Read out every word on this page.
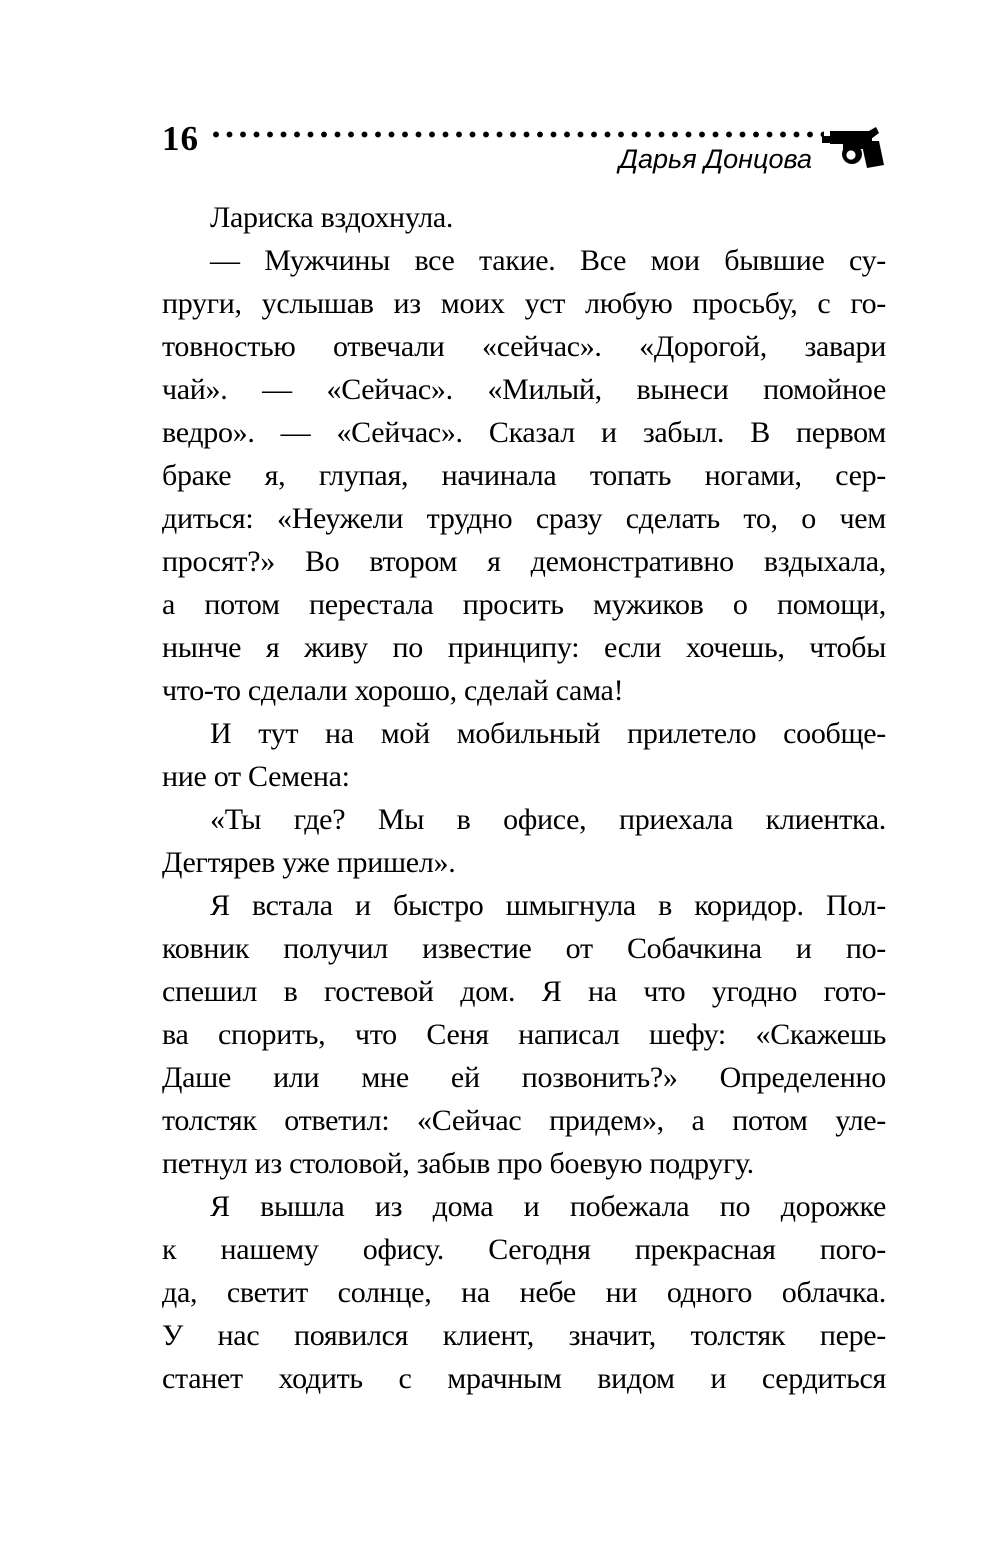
16
Дарья Донцова
Лариска вздохнула.
— Мужчины все такие. Все мои бывшие су-
пруги, услышав из моих уст любую просьбу, с го-
товностью отвечали «сейчас». «Дорогой, завари
чай». — «Сейчас». «Милый, вынеси помойное
ведро». — «Сейчас». Сказал и забыл. В первом
браке я, глупая, начинала топать ногами, сер-
диться: «Неужели трудно сразу сделать то, о чем
просят?» Во втором я демонстративно вздыхала,
а потом перестала просить мужиков о помощи,
нынче я живу по принципу: если хочешь, чтобы
что-то сделали хорошо, сделай сама!
И тут на мой мобильный прилетело сообще-
ние от Семена:
«Ты где? Мы в офисе, приехала клиентка.
Дегтярев уже пришел».
Я встала и быстро шмыгнула в коридор. Пол-
ковник получил известие от Собачкина и по-
спешил в гостевой дом. Я на что угодно гото-
ва спорить, что Сеня написал шефу: «Скажешь
Даше или мне ей позвонить?» Определенно
толстяк ответил: «Сейчас придем», а потом уле-
петнул из столовой, забыв про боевую подругу.
Я вышла из дома и побежала по дорожке
к нашему офису. Сегодня прекрасная пого-
да, светит солнце, на небе ни одного облачка.
У нас появился клиент, значит, толстяк пере-
станет ходить с мрачным видом и сердиться
